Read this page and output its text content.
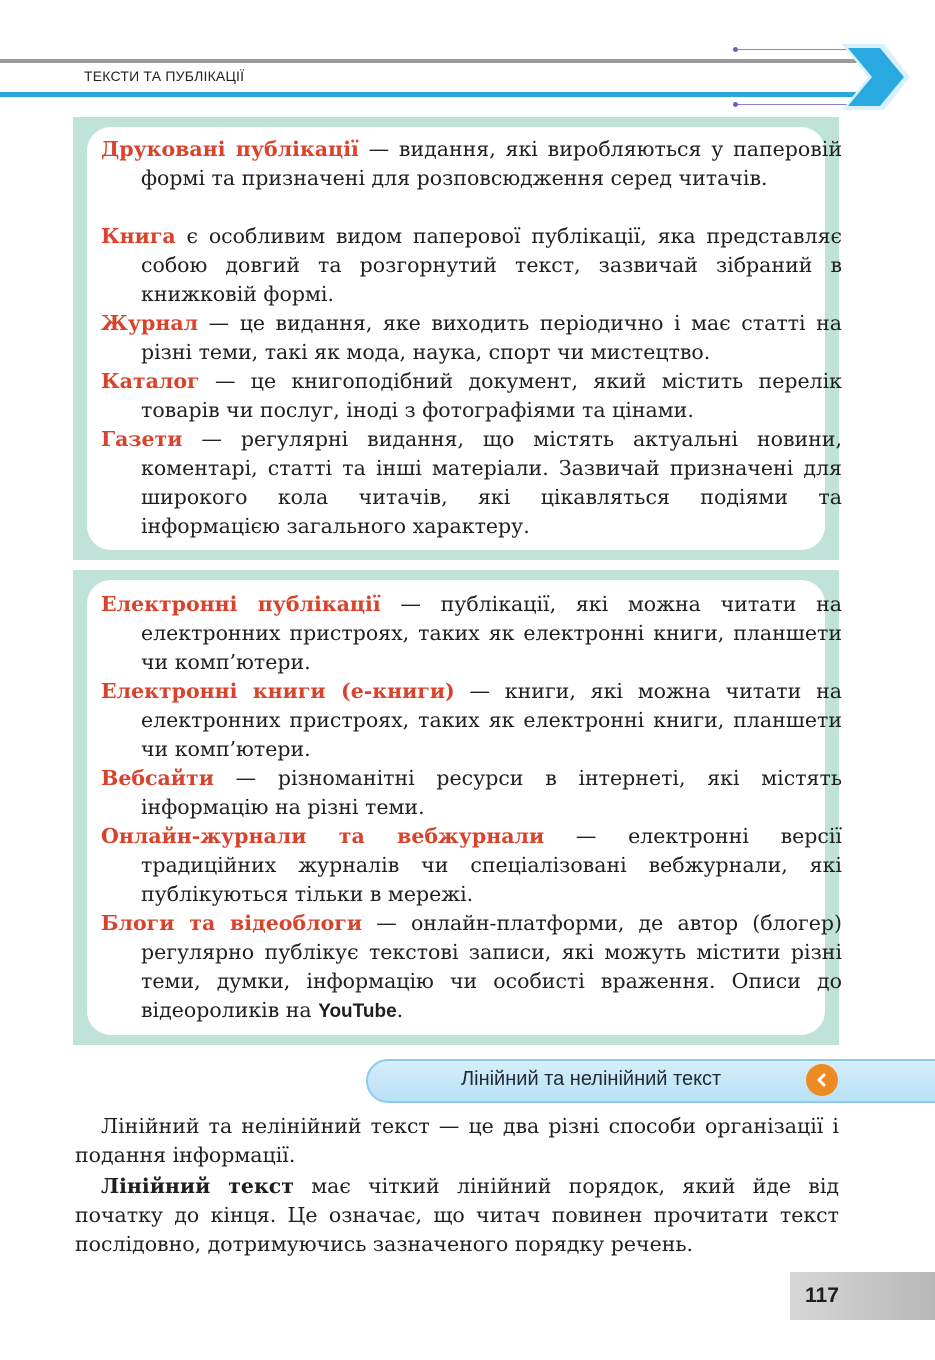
ТЕКСТИ ТА ПУБЛІКАЦІЇ
Друковані публікації — видання, які виробляються у паперовій формі та призначені для розповсюдження серед читачів.
Книга є особливим видом паперової публікації, яка представляє собою довгий та розгорнутий текст, зазвичай зібраний в книжковій формі.
Журнал — це видання, яке виходить періодично і має статті на різні теми, такі як мода, наука, спорт чи мистецтво.
Каталог — це книгоподібний документ, який містить перелік товарів чи послуг, іноді з фотографіями та цінами.
Газети — регулярні видання, що містять актуальні новини, коментарі, статті та інші матеріали. Зазвичай призначені для широкого кола читачів, які цікавляться подіями та інформацією загального характеру.
Електронні публікації — публікації, які можна читати на електронних пристроях, таких як електронні книги, планшети чи комп’ютери.
Електронні книги (е-книги) — книги, які можна читати на електронних пристроях, таких як електронні книги, планшети чи комп’ютери.
Вебсайти — різноманітні ресурси в інтернеті, які містять інформацію на різні теми.
Онлайн-журнали та вебжурнали — електронні версії традиційних журналів чи спеціалізовані вебжурнали, які публікуються тільки в мережі.
Блоги та відеоблоги — онлайн-платформи, де автор (блогер) регулярно публікує текстові записи, які можуть містити різні теми, думки, інформацію чи особисті враження. Описи до відеороликів на YouTube.
Лінійний та нелінійний текст
Лінійний та нелінійний текст — це два різні способи організації і подання інформації.
Лінійний текст має чіткий лінійний порядок, який йде від початку до кінця. Це означає, що читач повинен прочитати текст послідовно, дотримуючись зазначеного порядку речень.
117
